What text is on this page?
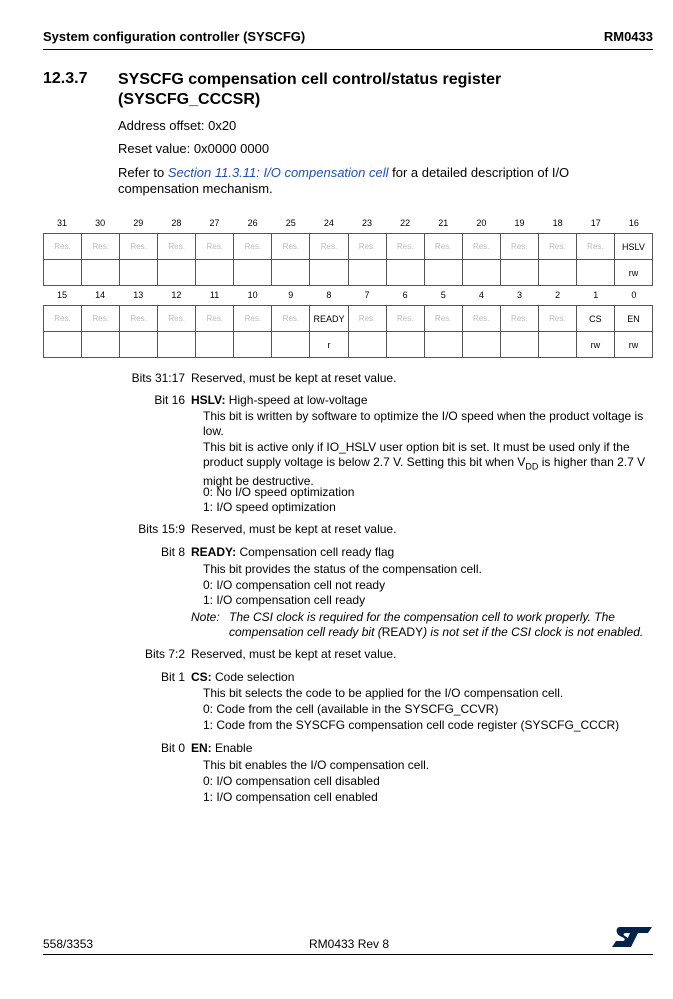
System configuration controller (SYSCFG)	RM0433
12.3.7 SYSCFG compensation cell control/status register (SYSCFG_CCCSR)
Address offset: 0x20
Reset value: 0x0000 0000
Refer to Section 11.3.11: I/O compensation cell for a detailed description of I/O compensation mechanism.
31	30	29	28	27	26	25	24	23	22	21	20	19	18	17	16
Res.	Res.	Res.	Res.	Res.	Res.	Res.	Res.	Res.	Res.	Res.	Res.	Res.	Res.	Res.	HSLV
															rw
15	14	13	12	11	10	9	8	7	6	5	4	3	2	1	0
Res.	Res.	Res.	Res.	Res.	Res.	Res.	READY	Res.	Res.	Res.	Res.	Res.	Res.	CS	EN
							r							rw	rw
Bits 31:17 Reserved, must be kept at reset value.
Bit 16 HSLV: High-speed at low-voltage
This bit is written by software to optimize the I/O speed when the product voltage is low.
This bit is active only if IO_HSLV user option bit is set. It must be used only if the product supply voltage is below 2.7 V. Setting this bit when $V_{DD}$ is higher than 2.7 V might be destructive.
0: No I/O speed optimization
1: I/O speed optimization
Bits 15:9 Reserved, must be kept at reset value.
Bit 8 READY: Compensation cell ready flag
This bit provides the status of the compensation cell.
0: I/O compensation cell not ready
1: I/O compensation cell ready
Note: The CSI clock is required for the compensation cell to work properly. The compensation cell ready bit (READY) is not set if the CSI clock is not enabled.
Bits 7:2 Reserved, must be kept at reset value.
Bit 1 CS: Code selection
This bit selects the code to be applied for the I/O compensation cell.
0: Code from the cell (available in the SYSCFG_CCVR)
1: Code from the SYSCFG compensation cell code register (SYSCFG_CCCR)
Bit 0 EN: Enable
This bit enables the I/O compensation cell.
0: I/O compensation cell disabled
1: I/O compensation cell enabled
558/3353	RM0433 Rev 8
